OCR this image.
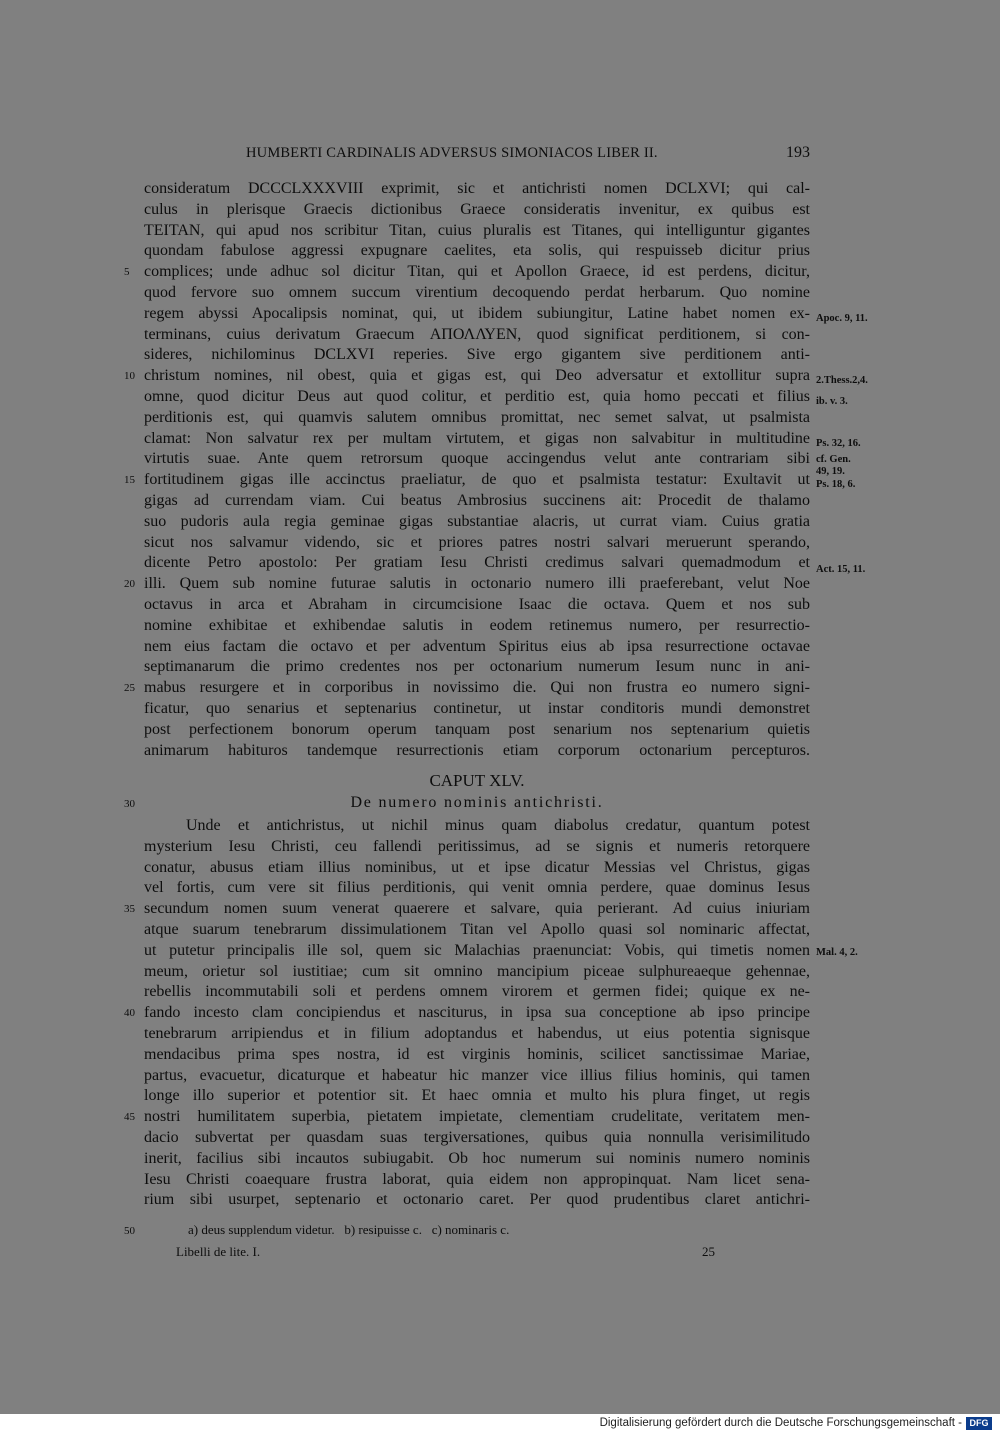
HUMBERTI CARDINALIS ADVERSUS SIMONIACOS LIBER II.	193
consideratum DCCCLXXXVIII exprimit, sic et antichristi nomen DCLXVI; qui cal-
culus in plerisque Graecis dictionibus Graece consideratis invenitur, ex quibus est
TEITAN, qui apud nos scribitur Titan, cuius pluralis est Titanes, qui intelliguntur gigantes
quondam fabulose aggressi expugnare caelites, eta solis, qui respuisseb dicitur prius
complices; unde adhuc sol dicitur Titan, qui et Apollon Graece, id est perdens, dicitur,
quod fervore suo omnem succum virentium decoquendo perdat herbarum. Quo nomine
regem abyssi Apocalipsis nominat, qui, ut ibidem subiungitur, Latine habet nomen ex-
terminans, cuius derivatum Graecum ΑΠΟΛΛΥΕΝ, quod significat perditionem, si con-
sideres, nichilominus DCLXVI reperies. Sive ergo gigantem sive perditionem anti-
christum nomines, nil obest, quia et gigas est, qui Deo adversatur et extollitur supra
omne, quod dicitur Deus aut quod colitur, et perditio est, quia homo peccati et filius
perditionis est, qui quamvis salutem omnibus promittat, nec semet salvat, ut psalmista
clamat: Non salvatur rex per multam virtutem, et gigas non salvabitur in multitudine
virtutis suae. Ante quem retrorsum quoque accingendus velut ante contrariam sibi
fortitudinem gigas ille accinctus praeliatur, de quo et psalmista testatur: Exultavit ut
gigas ad currendam viam. Cui beatus Ambrosius succinens ait: Procedit de thalamo
suo pudoris aula regia geminae gigas substantiae alacris, ut currat viam. Cuius gratia
sicut nos salvamur videndo, sic et priores patres nostri salvari meruerunt sperando,
dicente Petro apostolo: Per gratiam Iesu Christi credimus salvari quemadmodum et
illi. Quem sub nomine futurae salutis in octonario numero illi praeferebant, velut Noe
octavus in arca et Abraham in circumcisione Isaac die octava. Quem et nos sub
nomine exhibitae et exhibendae salutis in eodem retinemus numero, per resurrectio-
nem eius factam die octavo et per adventum Spiritus eius ab ipsa resurrectione octavae
septimanarum die primo credentes nos per octonarium numerum Iesum nunc in ani-
mabus resurgere et in corporibus in novissimo die. Qui non frustra eo numero signi-
ficatur, quo senarius et septenarius continetur, ut instar conditoris mundi demonstret
post perfectionem bonorum operum tanquam post senarium nos septenarium quietis
animarum habituros tandemque resurrectionis etiam corporum octonarium percepturos.
CAPUT XLV.
De numero nominis antichristi.
Unde et antichristus, ut nichil minus quam diabolus credatur, quantum potest
mysterium Iesu Christi, ceu fallendi peritissimus, ad se signis et numeris retorquere
conatur, abusus etiam illius nominibus, ut et ipse dicatur Messias vel Christus, gigas
vel fortis, cum vere sit filius perditionis, qui venit omnia perdere, quae dominus Iesus
secundum nomen suum venerat quaerere et salvare, quia perierant. Ad cuius iniuriam
atque suarum tenebrarum dissimulationem Titan vel Apollo quasi sol nominaric affectat,
ut putetur principalis ille sol, quem sic Malachias praenunciat: Vobis, qui timetis nomen
meum, orietur sol iustitiae; cum sit omnino mancipium piceae sulphureaeque gehennae,
rebellis incommutabili soli et perdens omnem virorem et germen fidei; quique ex ne-
fando incesto clam concipiendus et nasciturus, in ipsa sua conceptione ab ipso principe
tenebrarum arripiendus et in filium adoptandus et habendus, ut eius potentia signisque
mendacibus prima spes nostra, id est virginis hominis, scilicet sanctissimae Mariae,
partus, evacuetur, dicaturque et habeatur hic manzer vice illius filius hominis, qui tamen
longe illo superior et potentior sit. Et haec omnia et multo his plura finget, ut regis
nostri humilitatem superbia, pietatem impietate, clementiam crudelitate, veritatem men-
dacio subvertat per quasdam suas tergiversationes, quibus quia nonnulla verisimilitudo
inerit, facilius sibi incautos subiugabit. Ob hoc numerum sui nominis numero nominis
Iesu Christi coaequare frustra laborat, quia eidem non appropinquat. Nam licet sena-
rium sibi usurpet, septenario et octonario caret. Per quod prudentibus claret antichri-
5
10
15
20
25
30
35
40
45
50
Apoc. 9, 11.
2.Thess.2,4.
ib. v. 3.
Ps. 32, 16.
cf. Gen.
49, 19.
Ps. 18, 6.
Act. 15, 11.
Mal. 4, 2.
a) deus supplendum videtur.   b) resipuisse c.   c) nominaris c.
Libelli de lite. I.	25
Digitalisierung gefördert durch die Deutsche Forschungsgemeinschaft - DFG
